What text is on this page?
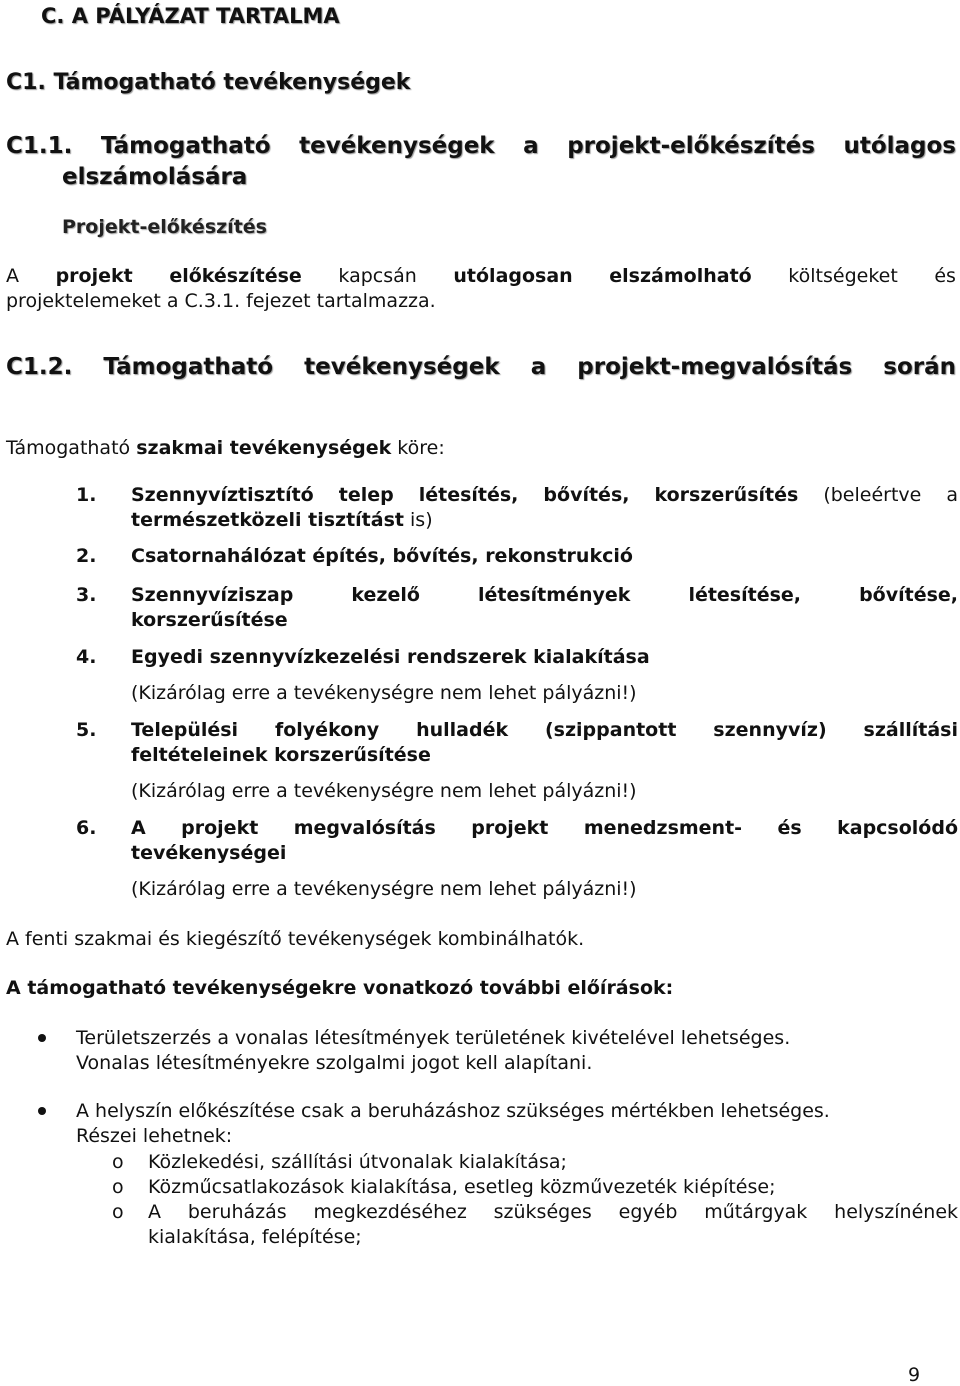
C. A PÁLYÁZAT TARTALMA
C1. Támogatható tevékenységek
C1.1. Támogatható tevékenységek a projekt-előkészítés utólagos
elszámolására
Projekt-előkészítés
A projekt előkészítése kapcsán utólagosan elszámolható költségeket és
projektelemeket a C.3.1. fejezet tartalmazza.
C1.2. Támogatható tevékenységek a projekt-megvalósítás során
Támogatható szakmai tevékenységek köre:
1. Szennyvíztisztító telep létesítés, bővítés, korszerűsítés (beleértve a
természetközeli tisztítást is)
2. Csatornahálózat építés, bővítés, rekonstrukció
3. Szennyvíziszap	kezelő	létesítmények	létesítése,	bővítése,
korszerűsítése
4. Egyedi szennyvízkezelési rendszerek kialakítása
(Kizárólag erre a tevékenységre nem lehet pályázni!)
5. Települési folyékony hulladék (szippantott szennyvíz) szállítási
feltételeinek korszerűsítése
(Kizárólag erre a tevékenységre nem lehet pályázni!)
6. A projekt megvalósítás projekt menedzsment- és kapcsolódó
tevékenységei
(Kizárólag erre a tevékenységre nem lehet pályázni!)
A fenti szakmai és kiegészítő tevékenységek kombinálhatók.
A támogatható tevékenységekre vonatkozó további előírások:
Területszerzés a vonalas létesítmények területének kivételével lehetséges.
Vonalas létesítményekre szolgalmi jogot kell alapítani.
A helyszín előkészítése csak a beruházáshoz szükséges mértékben lehetséges.
Részei lehetnek:
o Közlekedési, szállítási útvonalak kialakítása;
o Közműcsatlakozások kialakítása, esetleg közművezeték kiépítése;
o A beruházás megkezdéséhez szükséges egyéb műtárgyak helyszínének
kialakítása, felépítése;
9
